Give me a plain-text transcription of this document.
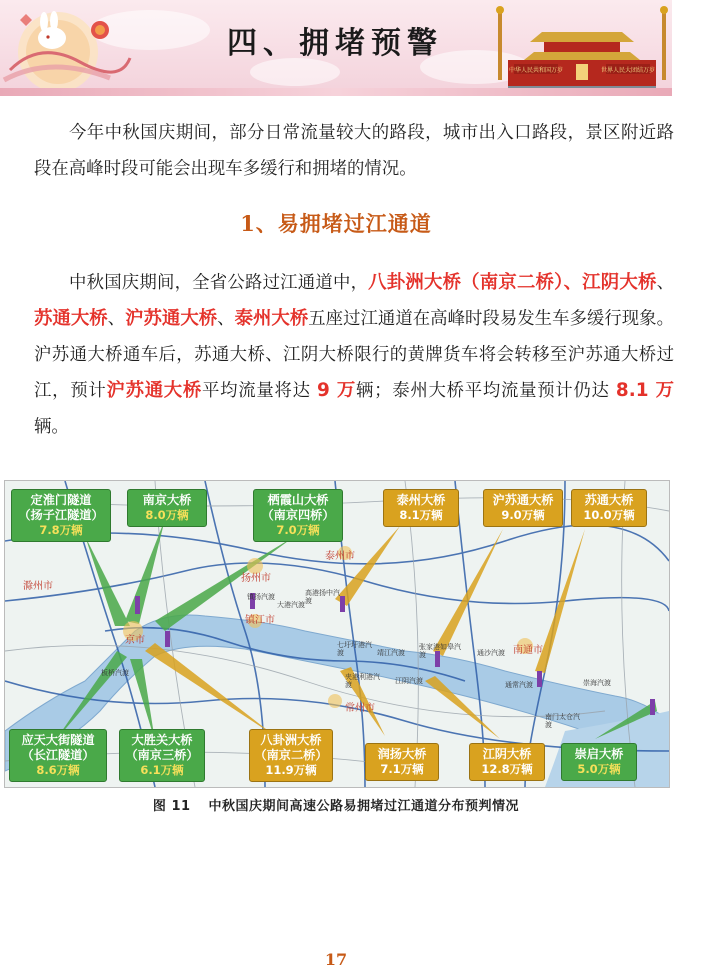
四、拥堵预警
中华人民共和国万岁	世界人民大团结万岁
今年中秋国庆期间，部分日常流量较大的路段，城市出入口路段，景区附近路段在高峰时段可能会出现车多缓行和拥堵的情况。
1、易拥堵过江通道
中秋国庆期间，全省公路过江通道中，八卦洲大桥（南京二桥）、江阴大桥、苏通大桥、沪苏通大桥、泰州大桥五座过江通道在高峰时段易发生车多缓行现象。沪苏通大桥通车后，苏通大桥、江阴大桥限行的黄牌货车将会转移至沪苏通大桥过江，预计沪苏通大桥平均流量将达 9 万辆；泰州大桥平均流量预计仍达 8.1 万辆。
滁州市
扬州市
泰州市
南通市
镇江市
常州市
京市
镇扬汽渡
大港汽渡
高港扬中汽渡
七圩圩港汽渡	靖江汽渡
夹港利港汽渡	江阴汽渡
张家港如皋汽渡	通沙汽渡
通常汽渡
南门太仓汽渡
崇海汽渡
板桥汽渡
定淮门隧道
（扬子江隧道）
7.8万辆
南京大桥
8.0万辆
栖霞山大桥
（南京四桥）
7.0万辆
泰州大桥
8.1万辆
沪苏通大桥
9.0万辆
苏通大桥
10.0万辆
应天大街隧道
（长江隧道）
8.6万辆
大胜关大桥
（南京三桥）
6.1万辆
八卦洲大桥
（南京二桥）
11.9万辆
润扬大桥
7.1万辆
江阴大桥
12.8万辆
崇启大桥
5.0万辆
图 11 中秋国庆期间高速公路易拥堵过江通道分布预判情况
17
